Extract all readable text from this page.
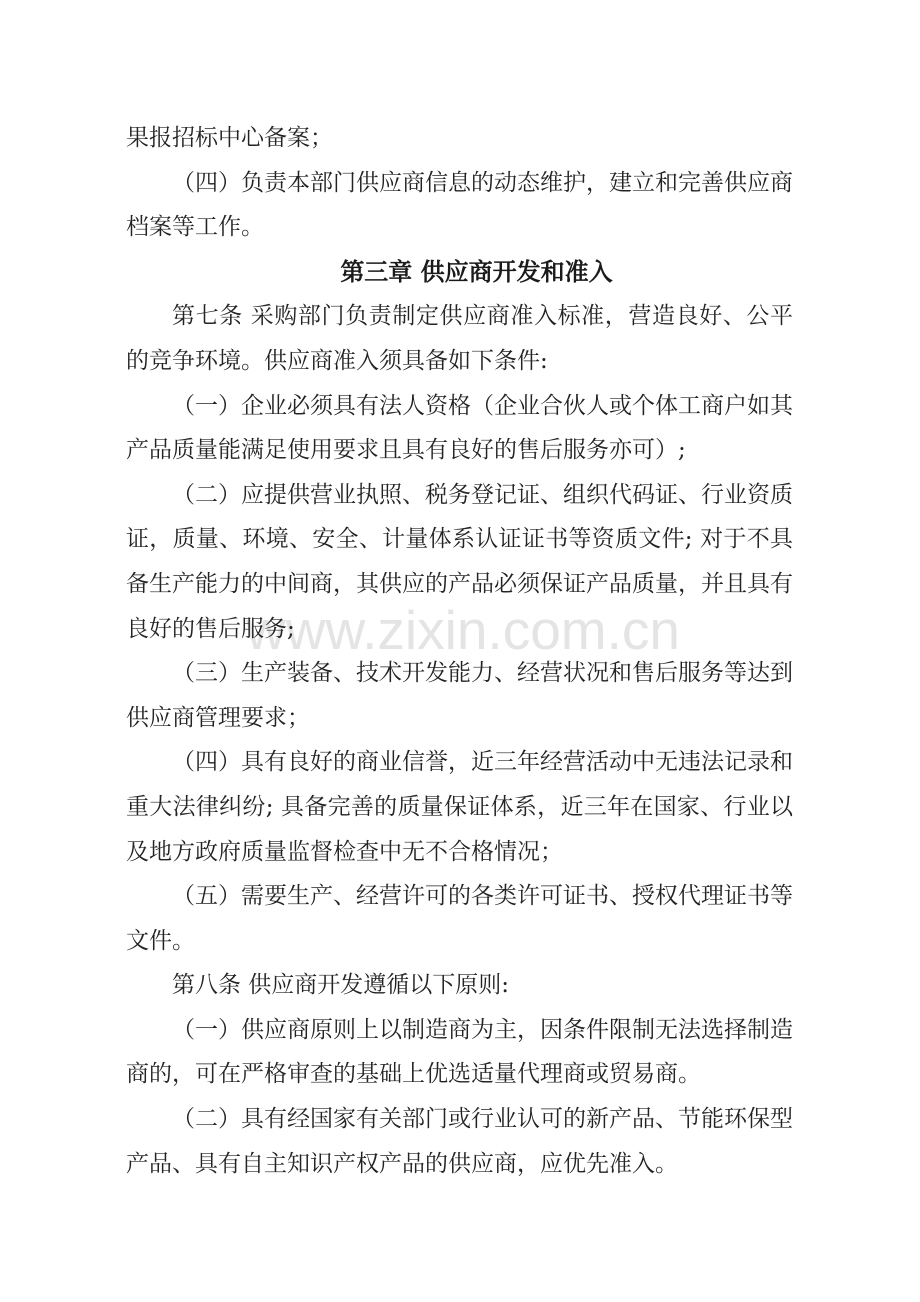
www.zixin.com.cn
果报招标中心备案；
（四）负责本部门供应商信息的动态维护，建立和完善供应商
档案等工作。
第三章 供应商开发和准入
第七条 采购部门负责制定供应商准入标准，营造良好、公平
的竞争环境。供应商准入须具备如下条件:
（一）企业必须具有法人资格（企业合伙人或个体工商户如其
产品质量能满足使用要求且具有良好的售后服务亦可）;
（二）应提供营业执照、税务登记证、组织代码证、行业资质
证，质量、环境、安全、计量体系认证证书等资质文件; 对于不具
备生产能力的中间商，其供应的产品必须保证产品质量，并且具有
良好的售后服务;
（三）生产装备、技术开发能力、经营状况和售后服务等达到
供应商管理要求；
（四）具有良好的商业信誉，近三年经营活动中无违法记录和
重大法律纠纷; 具备完善的质量保证体系，近三年在国家、行业以
及地方政府质量监督检查中无不合格情况；
（五）需要生产、经营许可的各类许可证书、授权代理证书等
文件。
第八条 供应商开发遵循以下原则:
（一）供应商原则上以制造商为主，因条件限制无法选择制造
商的，可在严格审查的基础上优选适量代理商或贸易商。
（二）具有经国家有关部门或行业认可的新产品、节能环保型
产品、具有自主知识产权产品的供应商，应优先准入。
